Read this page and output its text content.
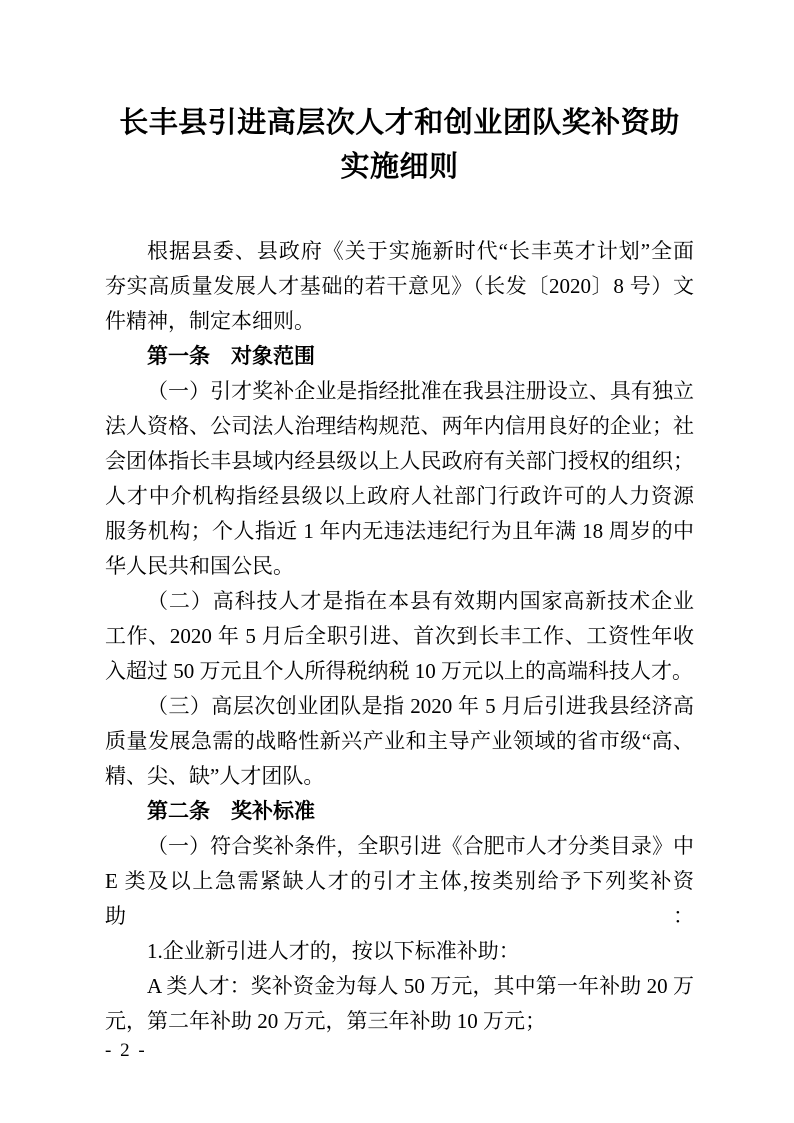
长丰县引进高层次人才和创业团队奖补资助
实施细则
根据县委、县政府《关于实施新时代“长丰英才计划”全面
夯实高质量发展人才基础的若干意见》（长发〔2020〕8 号）文
件精神，制定本细则。
第一条　对象范围
（一）引才奖补企业是指经批准在我县注册设立、具有独立
法人资格、公司法人治理结构规范、两年内信用良好的企业；社
会团体指长丰县域内经县级以上人民政府有关部门授权的组织；
人才中介机构指经县级以上政府人社部门行政许可的人力资源
服务机构；个人指近 1 年内无违法违纪行为且年满 18 周岁的中
华人民共和国公民。
（二）高科技人才是指在本县有效期内国家高新技术企业
工作、2020 年 5 月后全职引进、首次到长丰工作、工资性年收
入超过 50 万元且个人所得税纳税 10 万元以上的高端科技人才。
（三）高层次创业团队是指 2020 年 5 月后引进我县经济高
质量发展急需的战略性新兴产业和主导产业领域的省市级“高、
精、尖、缺”人才团队。
第二条　奖补标准
（一）符合奖补条件，全职引进《合肥市人才分类目录》中
E 类及以上急需紧缺人才的引才主体,按类别给予下列奖补资助：
1.企业新引进人才的，按以下标准补助：
A 类人才：奖补资金为每人 50 万元，其中第一年补助 20 万
元，第二年补助 20 万元，第三年补助 10 万元；
- 2 -
